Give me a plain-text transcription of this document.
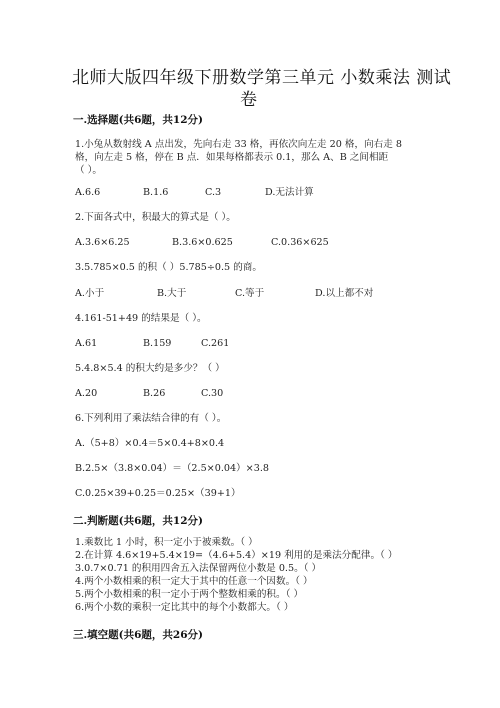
北师大版四年级下册数学第三单元 小数乘法 测试
卷
一.选择题(共6题，共12分)
1.小兔从数射线 A 点出发，先向右走 33 格，再依次向左走 20 格，向右走 8
格，向左走 5 格，停在 B 点．如果每格都表示 0.1，那么 A、B 之间相距
（ ）。
A.6.6	B.1.6	C.3	D.无法计算
2.下面各式中，积最大的算式是（ ）。
A.3.6×6.25	B.3.6×0.625	C.0.36×625
3.5.785×0.5 的积（ ）5.785÷0.5 的商。
A.小于	B.大于	C.等于	D.以上都不对
4.161-51+49 的结果是（ ）。
A.61	B.159	C.261
5.4.8×5.4 的积大约是多少？（ ）
A.20	B.26	C.30
6.下列利用了乘法结合律的有（ ）。
A.（5+8）×0.4＝5×0.4+8×0.4
B.2.5×（3.8×0.04）＝（2.5×0.04）×3.8
C.0.25×39+0.25＝0.25×（39+1）
二.判断题(共6题，共12分)
1.乘数比 1 小时，积一定小于被乘数。（ ）
2.在计算 4.6×19+5.4×19=（4.6+5.4）×19 利用的是乘法分配律。（ ）
3.0.7×0.71 的积用四舍五入法保留两位小数是 0.5。（ ）
4.两个小数相乘的积一定大于其中的任意一个因数。（ ）
5.两个小数相乘的积一定小于两个整数相乘的积。（ ）
6.两个小数的乘积一定比其中的每个小数都大。（ ）
三.填空题(共6题，共26分)
